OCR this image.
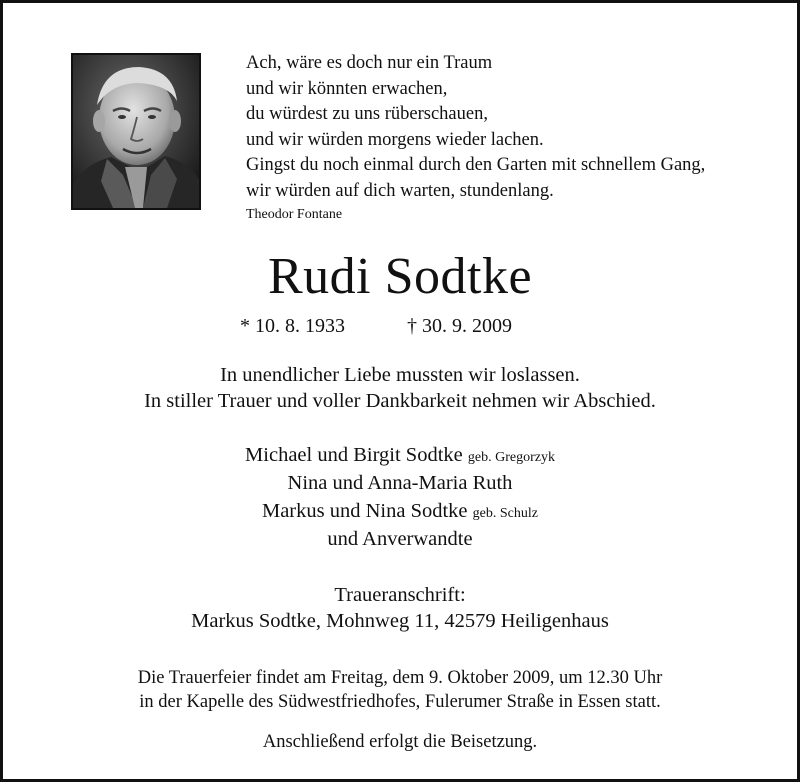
Ach, wäre es doch nur ein Traum
und wir könnten erwachen,
du würdest zu uns rüberschauen,
und wir würden morgens wieder lachen.
Gingst du noch einmal durch den Garten mit schnellem Gang,
wir würden auf dich warten, stundenlang.
Theodor Fontane
Rudi Sodtke
* 10. 8. 1933	† 30. 9. 2009
In unendlicher Liebe mussten wir loslassen.
In stiller Trauer und voller Dankbarkeit nehmen wir Abschied.
Michael und Birgit Sodtke geb. Gregorzyk
Nina und Anna-Maria Ruth
Markus und Nina Sodtke geb. Schulz
und Anverwandte
Traueranschrift:
Markus Sodtke, Mohnweg 11, 42579 Heiligenhaus
Die Trauerfeier findet am Freitag, dem 9. Oktober 2009, um 12.30 Uhr
in der Kapelle des Südwestfriedhofes, Fulerumer Straße in Essen statt.
Anschließend erfolgt die Beisetzung.
